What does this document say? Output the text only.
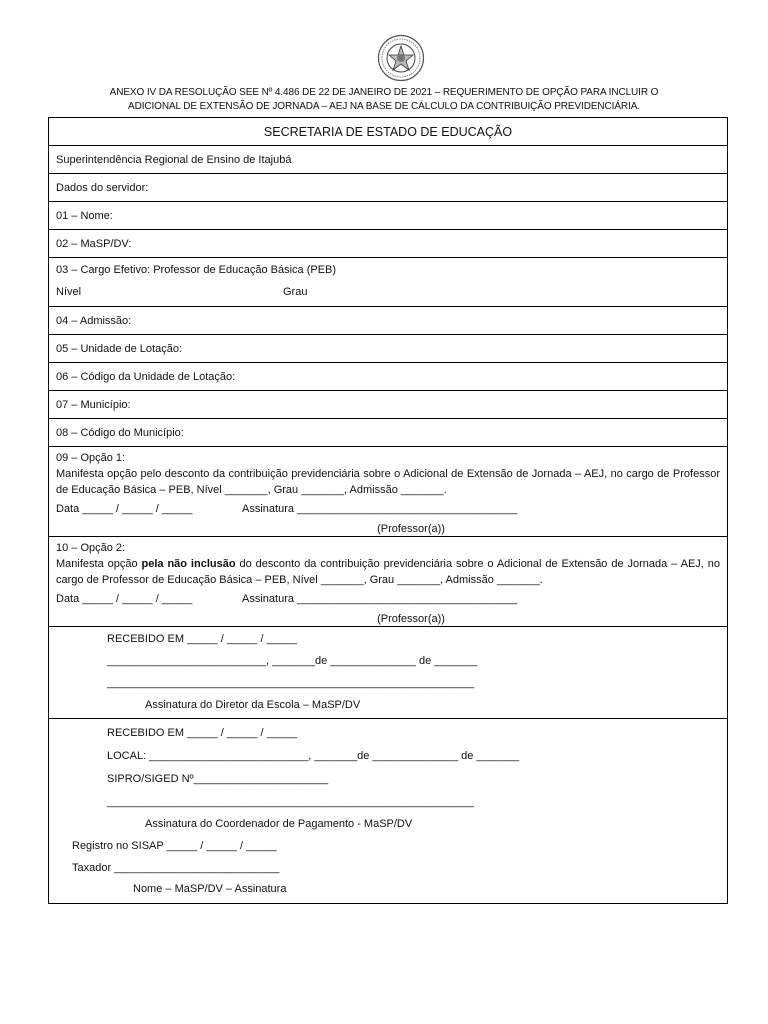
ANEXO IV DA RESOLUÇÃO SEE Nº 4.486 DE 22 DE JANEIRO DE 2021 – REQUERIMENTO DE OPÇÃO PARA INCLUIR O
ADICIONAL DE EXTENSÃO DE JORNADA – AEJ NA BASE DE CÁLCULO DA CONTRIBUIÇÃO PREVIDENCIÁRIA.
SECRETARIA DE ESTADO DE EDUCAÇÃO
Superintendência Regional de Ensino de Itajubá
Dados do servidor:
01 – Nome:
02 – MaSP/DV:
03 – Cargo Efetivo: Professor de Educação Básica (PEB)
Nível	Grau
04 – Admissão:
05 – Unidade de Lotação:
06 – Código da Unidade de Lotação:
07 – Município:
08 – Código do Município:
09 – Opção 1:
Manifesta opção pelo desconto da contribuição previdenciária sobre o Adicional de Extensão de Jornada – AEJ, no cargo de Professor de Educação Básica – PEB, Nível _______, Grau _______, Admissão _______.
Data _____ / _____ / _____	Assinatura ____________________________________
(Professor(a))
10 – Opção 2:
Manifesta opção pela não inclusão do desconto da contribuição previdenciária sobre o Adicional de Extensão de Jornada – AEJ, no cargo de Professor de Educação Básica – PEB, Nível _______, Grau _______, Admissão _______.
Data _____ / _____ / _____	Assinatura ____________________________________
(Professor(a))
RECEBIDO EM _____ / _____ / _____
__________________________, _______de ______________ de _______
____________________________________________________________
Assinatura do Diretor da Escola – MaSP/DV
RECEBIDO EM _____ / _____ / _____
LOCAL: __________________________, _______de ______________ de _______
SIPRO/SIGED Nº______________________
____________________________________________________________
Assinatura do Coordenador de Pagamento - MaSP/DV
Registro no SISAP _____ / _____ / _____
Taxador ___________________________
Nome – MaSP/DV – Assinatura
